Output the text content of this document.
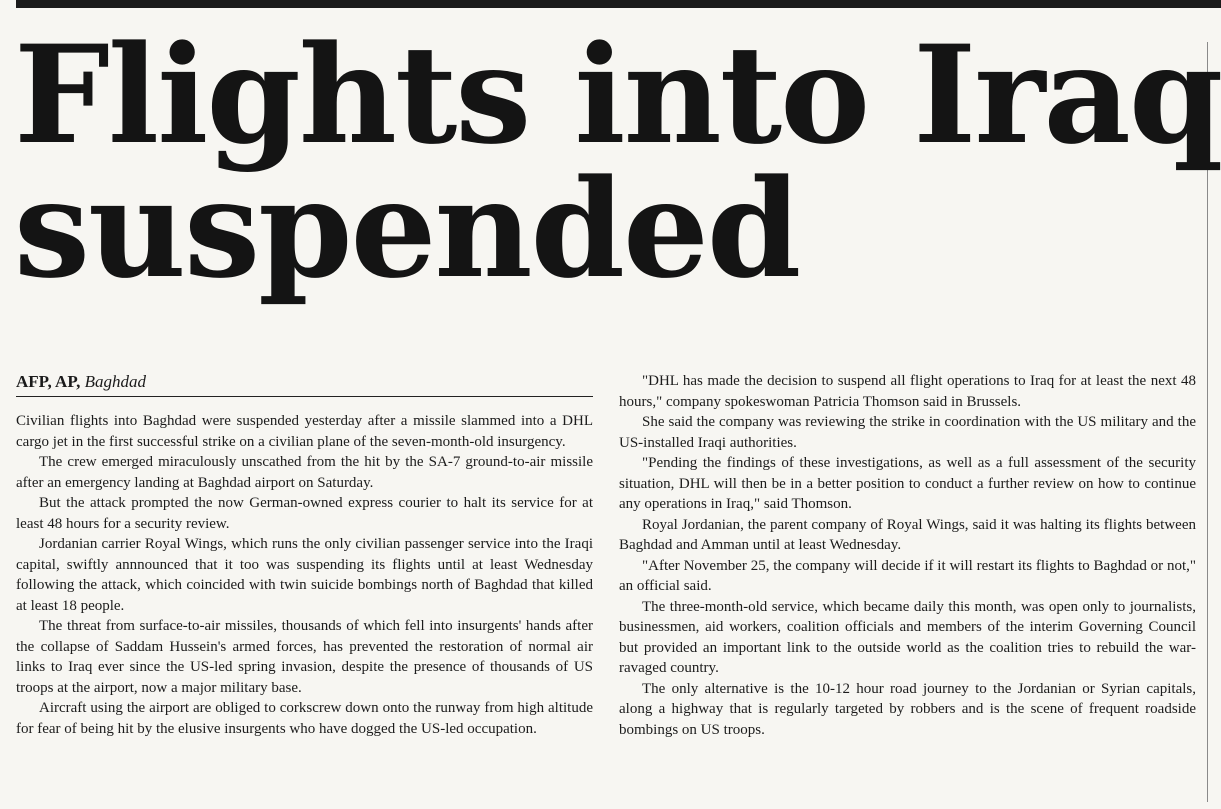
Flights into Iraq
suspended
AFP, AP, Baghdad

Civilian flights into Baghdad were suspended yesterday after a missile slammed into a DHL cargo jet in the first successful strike on a civilian plane of the seven-month-old insurgency.

The crew emerged miraculously unscathed from the hit by the SA-7 ground-to-air missile after an emergency landing at Baghdad airport on Saturday.

But the attack prompted the now German-owned express courier to halt its service for at least 48 hours for a security review.

Jordanian carrier Royal Wings, which runs the only civilian passenger service into the Iraqi capital, swiftly annnounced that it too was suspending its flights until at least Wednesday following the attack, which coincided with twin suicide bombings north of Baghdad that killed at least 18 people.

The threat from surface-to-air missiles, thousands of which fell into insurgents' hands after the collapse of Saddam Hussein's armed forces, has prevented the restoration of normal air links to Iraq ever since the US-led spring invasion, despite the presence of thousands of US troops at the airport, now a major military base.

Aircraft using the airport are obliged to corkscrew down onto the runway from high altitude for fear of being hit by the elusive insurgents who have dogged the US-led occupation.

"DHL has made the decision to suspend all flight operations to Iraq for at least the next 48 hours," company spokeswoman Patricia Thomson said in Brussels.

She said the company was reviewing the strike in coordination with the US military and the US-installed Iraqi authorities.

"Pending the findings of these investigations, as well as a full assessment of the security situation, DHL will then be in a better position to conduct a further review on how to continue any operations in Iraq," said Thomson.

Royal Jordanian, the parent company of Royal Wings, said it was halting its flights between Baghdad and Amman until at least Wednesday.

"After November 25, the company will decide if it will restart its flights to Baghdad or not," an official said.

The three-month-old service, which became daily this month, was open only to journalists, businessmen, aid workers, coalition officials and members of the interim Governing Council but provided an important link to the outside world as the coalition tries to rebuild the war-ravaged country.

The only alternative is the 10-12 hour road journey to the Jordanian or Syrian capitals, along a highway that is regularly targeted by robbers and is the scene of frequent roadside bombings on US troops.
